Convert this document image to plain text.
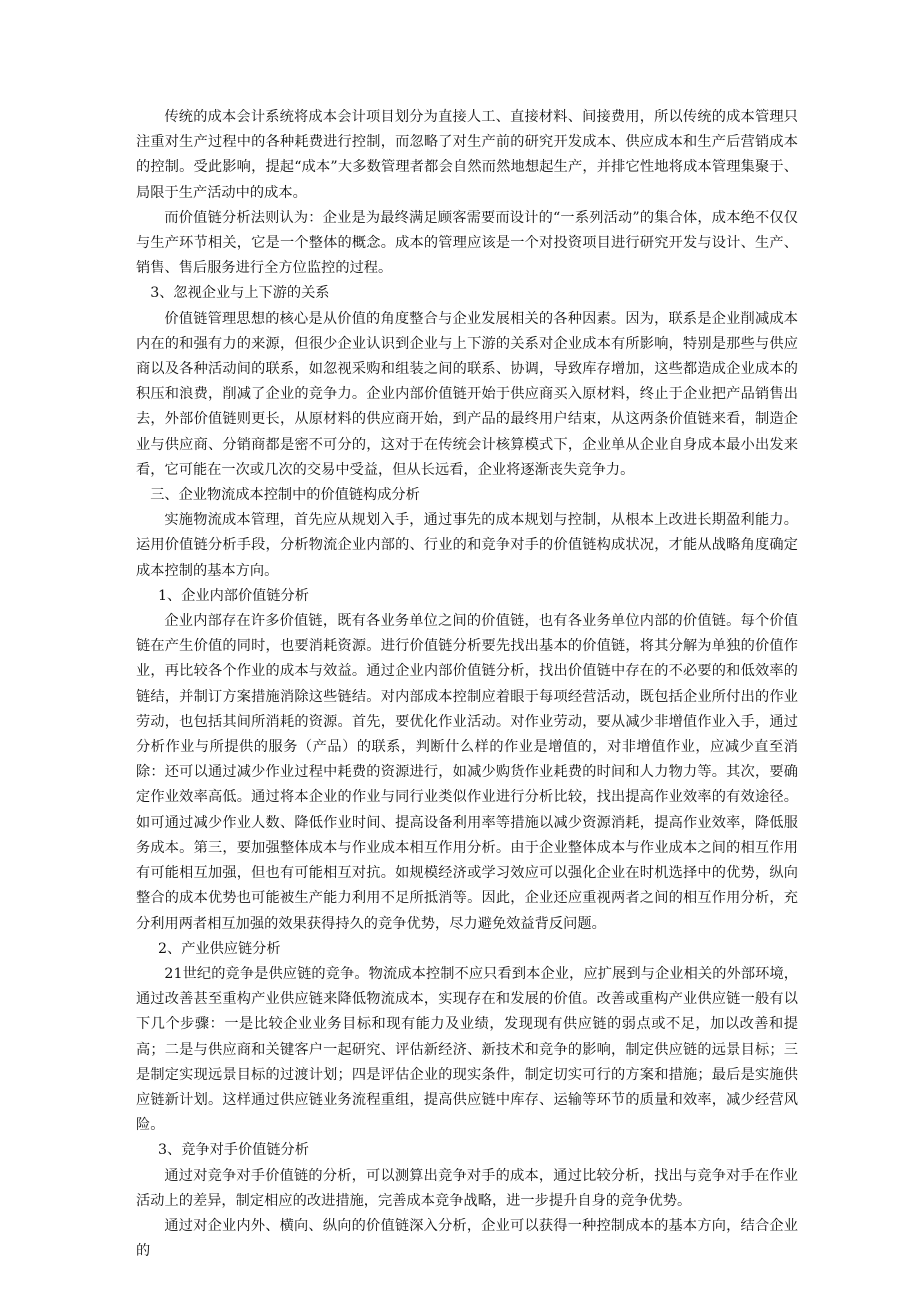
传统的成本会计系统将成本会计项目划分为直接人工、直接材料、间接费用，所以传统的成本管理只注重对生产过程中的各种耗费进行控制，而忽略了对生产前的研究开发成本、供应成本和生产后营销成本的控制。受此影响，提起“成本”大多数管理者都会自然而然地想起生产，并排它性地将成本管理集聚于、局限于生产活动中的成本。

而价值链分析法则认为：企业是为最终满足顾客需要而设计的“一系列活动”的集合体，成本绝不仅仅与生产环节相关，它是一个整体的概念。成本的管理应该是一个对投资项目进行研究开发与设计、生产、销售、售后服务进行全方位监控的过程。

3、忽视企业与上下游的关系

价值链管理思想的核心是从价值的角度整合与企业发展相关的各种因素。因为，联系是企业削减成本内在的和强有力的来源，但很少企业认识到企业与上下游的关系对企业成本有所影响，特别是那些与供应商以及各种活动间的联系，如忽视采购和组装之间的联系、协调，导致库存增加，这些都造成企业成本的积压和浪费，削减了企业的竞争力。企业内部价值链开始于供应商买入原材料，终止于企业把产品销售出去，外部价值链则更长，从原材料的供应商开始，到产品的最终用户结束，从这两条价值链来看，制造企业与供应商、分销商都是密不可分的，这对于在传统会计核算模式下，企业单从企业自身成本最小出发来看，它可能在一次或几次的交易中受益，但从长远看，企业将逐渐丧失竞争力。

三、企业物流成本控制中的价值链构成分析

实施物流成本管理，首先应从规划入手，通过事先的成本规划与控制，从根本上改进长期盈利能力。运用价值链分析手段，分析物流企业内部的、行业的和竞争对手的价值链构成状况，才能从战略角度确定成本控制的基本方向。

1、企业内部价值链分析

企业内部存在许多价值链，既有各业务单位之间的价值链，也有各业务单位内部的价值链。每个价值链在产生价值的同时，也要消耗资源。进行价值链分析要先找出基本的价值链，将其分解为单独的价值作业，再比较各个作业的成本与效益。通过企业内部价值链分析，找出价值链中存在的不必要的和低效率的链结，并制订方案措施消除这些链结。对内部成本控制应着眼于每项经营活动，既包括企业所付出的作业劳动，也包括其间所消耗的资源。首先，要优化作业活动。对作业劳动，要从减少非增值作业入手，通过分析作业与所提供的服务（产品）的联系，判断什么样的作业是增值的，对非增值作业，应减少直至消除：还可以通过减少作业过程中耗费的资源进行，如减少购货作业耗费的时间和人力物力等。其次，要确定作业效率高低。通过将本企业的作业与同行业类似作业进行分析比较，找出提高作业效率的有效途径。如可通过减少作业人数、降低作业时间、提高设备利用率等措施以减少资源消耗，提高作业效率，降低服务成本。第三，要加强整体成本与作业成本相互作用分析。由于企业整体成本与作业成本之间的相互作用有可能相互加强，但也有可能相互对抗。如规模经济或学习效应可以强化企业在时机选择中的优势，纵向整合的成本优势也可能被生产能力利用不足所抵消等。因此，企业还应重视两者之间的相互作用分析，充分利用两者相互加强的效果获得持久的竞争优势，尽力避免效益背反问题。

2、产业供应链分析

21世纪的竞争是供应链的竞争。物流成本控制不应只看到本企业，应扩展到与企业相关的外部环境，通过改善甚至重构产业供应链来降低物流成本，实现存在和发展的价值。改善或重构产业供应链一般有以下几个步骤：一是比较企业业务目标和现有能力及业绩，发现现有供应链的弱点或不足，加以改善和提高；二是与供应商和关键客户一起研究、评估新经济、新技术和竞争的影响，制定供应链的远景目标；三是制定实现远景目标的过渡计划；四是评估企业的现实条件，制定切实可行的方案和措施；最后是实施供应链新计划。这样通过供应链业务流程重组，提高供应链中库存、运输等环节的质量和效率，减少经营风险。

3、竞争对手价值链分析

通过对竞争对手价值链的分析，可以测算出竞争对手的成本，通过比较分析，找出与竞争对手在作业活动上的差异，制定相应的改进措施，完善成本竞争战略，进一步提升自身的竞争优势。

通过对企业内外、横向、纵向的价值链深入分析，企业可以获得一种控制成本的基本方向，结合企业的
